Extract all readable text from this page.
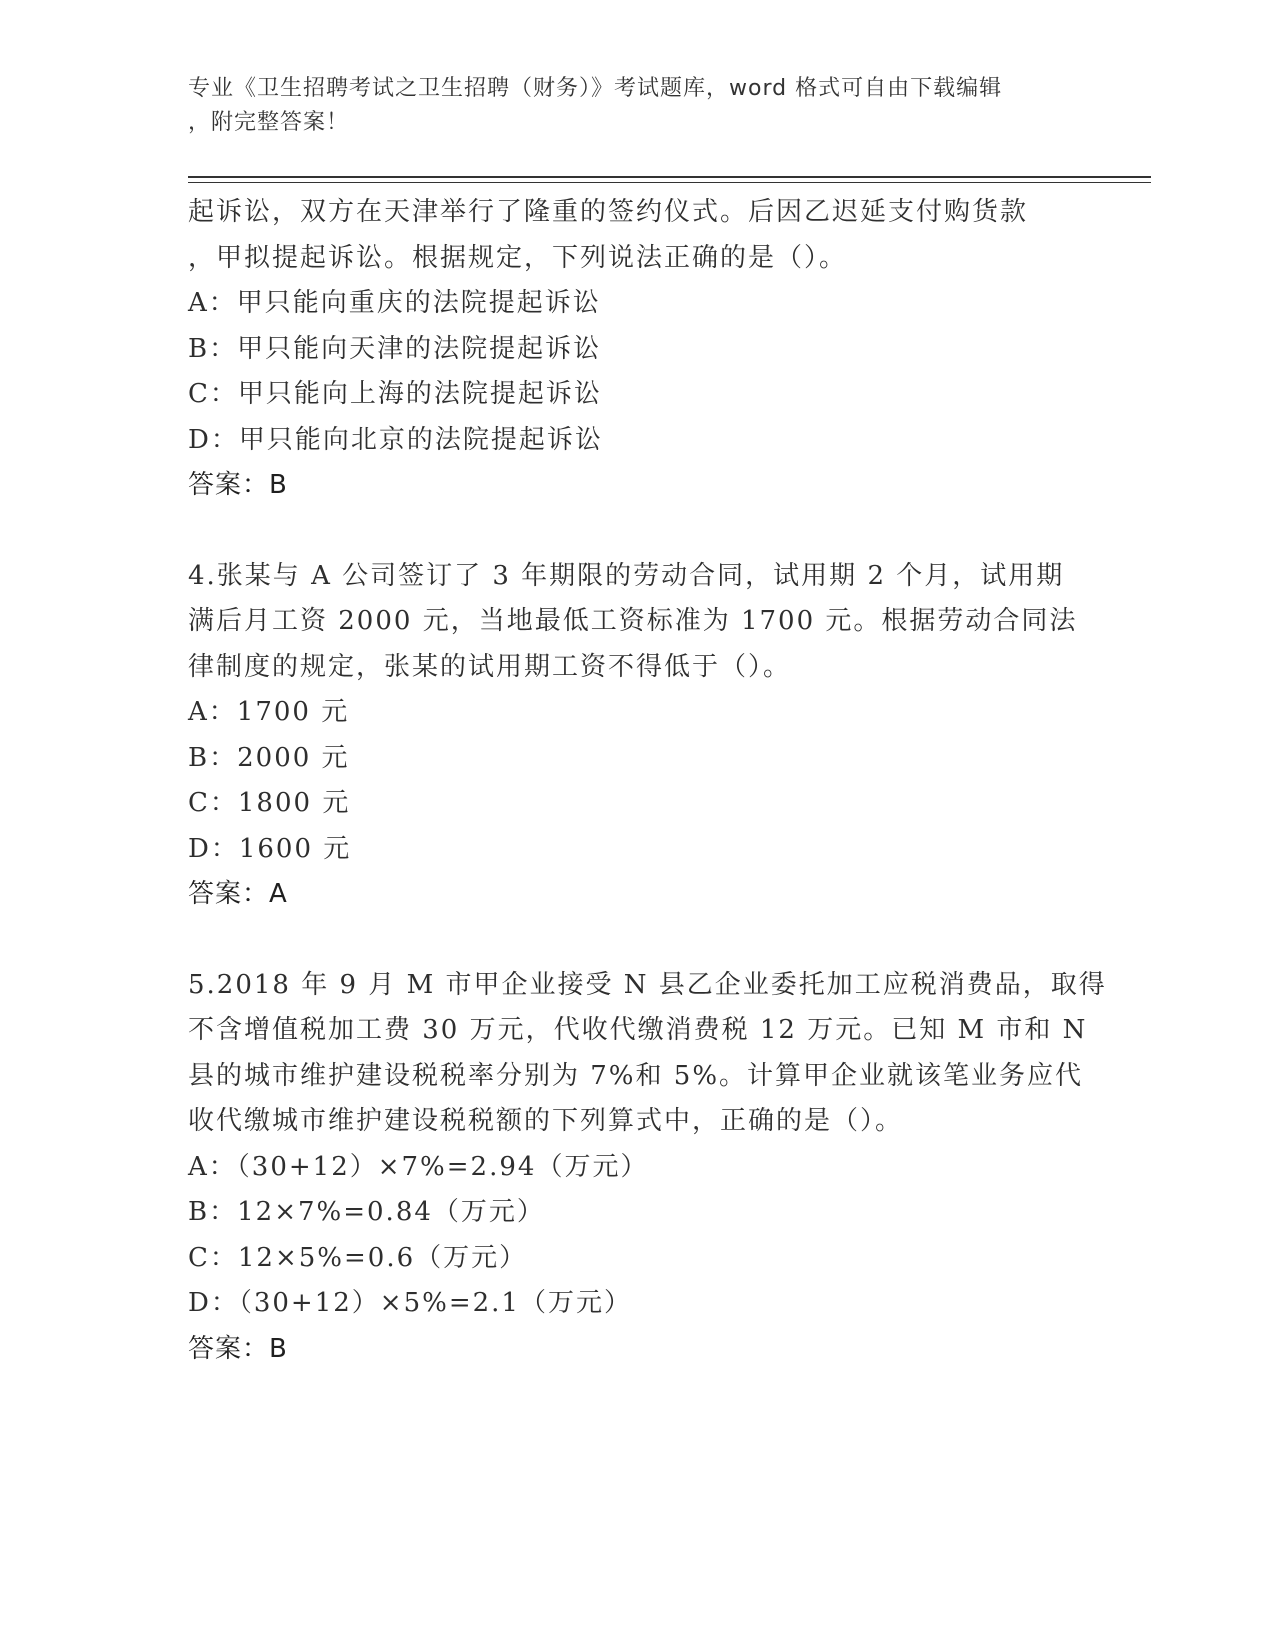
专业《卫生招聘考试之卫生招聘（财务）》考试题库，word 格式可自由下载编辑
，附完整答案！
起诉讼，双方在天津举行了隆重的签约仪式。后因乙迟延支付购货款
，甲拟提起诉讼。根据规定，下列说法正确的是（）。
A：甲只能向重庆的法院提起诉讼
B：甲只能向天津的法院提起诉讼
C：甲只能向上海的法院提起诉讼
D：甲只能向北京的法院提起诉讼
答案：B
4.张某与 A 公司签订了 3 年期限的劳动合同，试用期 2 个月，试用期
满后月工资 2000 元，当地最低工资标准为 1700 元。根据劳动合同法
律制度的规定，张某的试用期工资不得低于（）。
A：1700 元
B：2000 元
C：1800 元
D：1600 元
答案：A
5.2018 年 9 月 M 市甲企业接受 N 县乙企业委托加工应税消费品，取得
不含增值税加工费 30 万元，代收代缴消费税 12 万元。已知 M 市和 N
县的城市维护建设税税率分别为 7%和 5%。计算甲企业就该笔业务应代
收代缴城市维护建设税税额的下列算式中，正确的是（）。
A：（30+12）×7%=2.94（万元）
B：12×7%=0.84（万元）
C：12×5%=0.6（万元）
D：（30+12）×5%=2.1（万元）
答案：B
